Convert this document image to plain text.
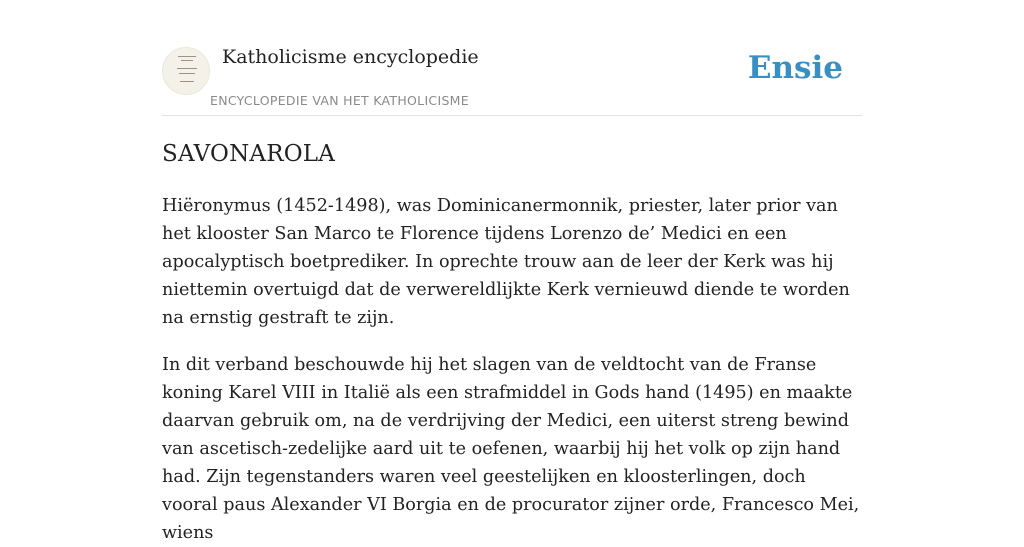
Katholicisme encyclopedie
ENCYCLOPEDIE VAN HET KATHOLICISME
Ensie
SAVONAROLA

Hiëronymus (1452-1498), was Dominicanermonnik, priester, later prior van het klooster San Marco te Florence tijdens Lorenzo de’ Medici en een apocalyptisch boetprediker. In oprechte trouw aan de leer der Kerk was hij niettemin overtuigd dat de verwereldlijkte Kerk vernieuwd diende te worden na ernstig gestraft te zijn.

In dit verband beschouwde hij het slagen van de veldtocht van de Franse koning Karel VIII in Italië als een strafmiddel in Gods hand (1495) en maakte daarvan gebruik om, na de verdrijving der Medici, een uiterst streng bewind van ascetisch-zedelijke aard uit te oefenen, waarbij hij het volk op zijn hand had. Zijn tegenstanders waren veel geestelijken en kloosterlingen, doch vooral paus Alexander VI Borgia en de procurator zijner orde, Francesco Mei, wiens
